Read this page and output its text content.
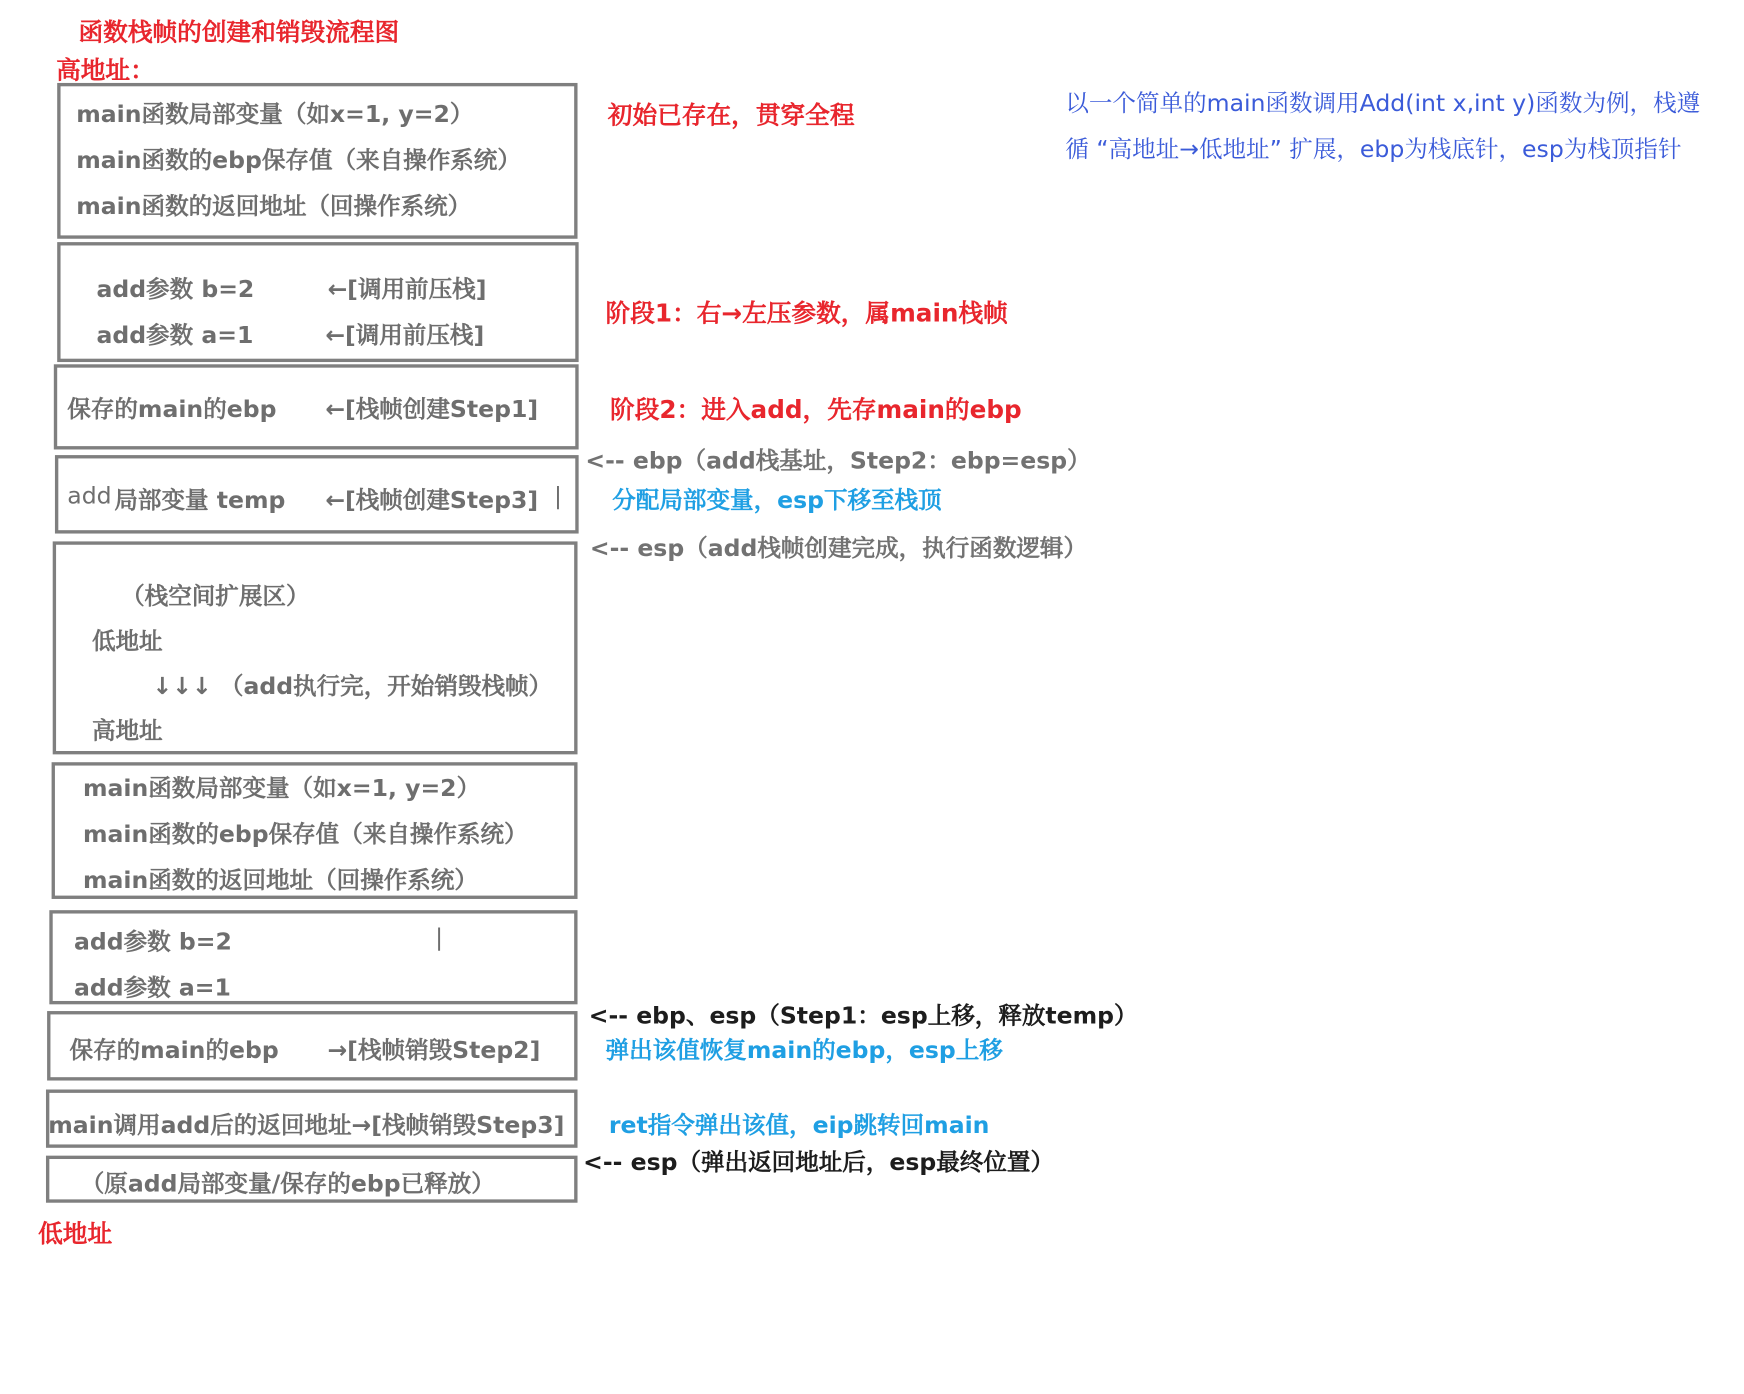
函数栈帧的创建和销毁流程图
高地址：
以一个简单的main函数调用Add(int x,int y)函数为例，栈遵
循 “高地址→低地址” 扩展，ebp为栈底针，esp为栈顶指针
main函数局部变量（如x=1, y=2）
main函数的ebp保存值（来自操作系统）
main函数的返回地址（回操作系统）
add参数 b=2	←[调用前压栈]
add参数 a=1	←[调用前压栈]
保存的main的ebp ←[栈帧创建Step1]
add 局部变量 temp ←[栈帧创建Step3] |
（栈空间扩展区）
低地址
↓↓↓ （add执行完，开始销毁栈帧）
高地址
main函数局部变量（如x=1, y=2）
main函数的ebp保存值（来自操作系统）
main函数的返回地址（回操作系统）
add参数 b=2	|
add参数 a=1
保存的main的ebp →[栈帧销毁Step2]
main调用add后的返回地址→[栈帧销毁Step3]
（原add局部变量/保存的ebp已释放）
低地址
初始已存在，贯穿全程
阶段1：右→左压参数，属main栈帧
阶段2：进入add，先存main的ebp
<-- ebp（add栈基址，Step2：ebp=esp）
分配局部变量，esp下移至栈顶
<-- esp（add栈帧创建完成，执行函数逻辑）
<-- ebp、esp（Step1：esp上移，释放temp）
弹出该值恢复main的ebp，esp上移
ret指令弹出该值，eip跳转回main
<-- esp（弹出返回地址后，esp最终位置）
